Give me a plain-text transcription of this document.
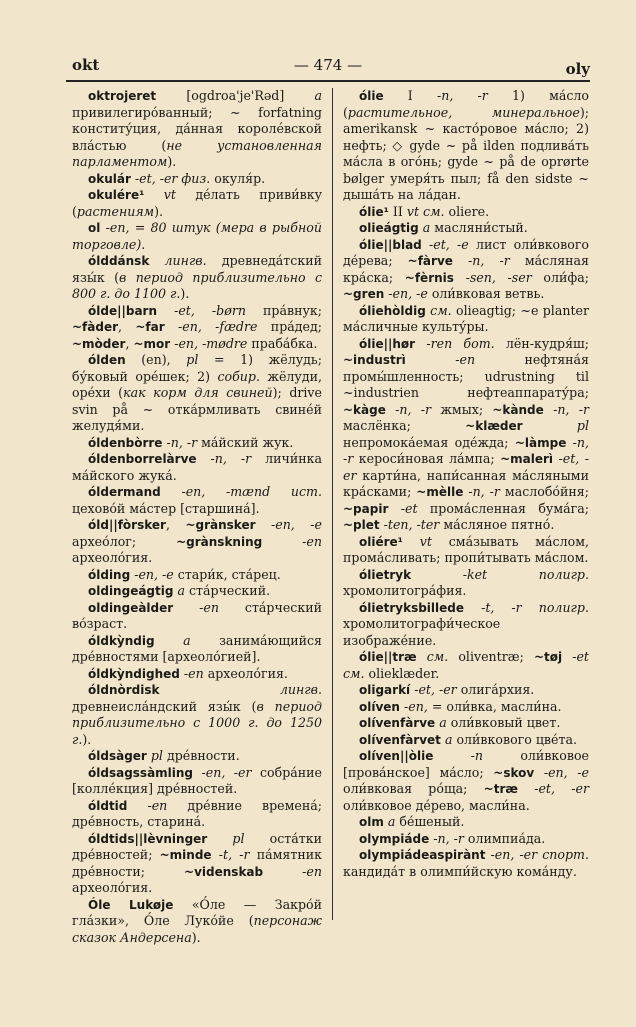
okt	— 474 —	oly

oktrojeret [ogdroa'je'Rəd] a привилегиро́ванный; ~ forfatning конститу́ция, да́нная королéвской вла́стью (не установленная парламентом).

okulár -et, -er физ. окуля́р.

okulére¹ vt де́лать приви́вку (растениям).

ol -en, = 80 штук (мера в рыбной торговле).

ólddánsk лингв. древнеда́тский язы́к (в период приблизительно с 800 г. до 1100 г.).

ólde||barn -et, -børn пра́внук; ~fàder, ~far -en, -fædre пра́дед; ~mòder, ~mor -en, -mødre праба́бка.

ólden (en), pl = 1) жёлудь; бу́ковый оре́шек; 2) собир. жёлуди, оре́хи (как корм для свиней); drive svin på ~ отка́рмливать свине́й желудя́ми.

óldenbòrre -n, -r ма́йский жук.

óldenborrelàrve -n, -r личи́нка ма́йского жука́.

óldermand -en, -mænd ист. цехово́й ма́стер [старшина́].

óld||fòrsker, ~grànsker -en, -e архео́лог; ~grànskning	-en археоло́гия.

ólding -en, -e стари́к, ста́рец.

oldingeágtig a ста́рческий.

oldingeàlder -en ста́рческий во́зраст.

óldkỳndig a занима́ющийся дре́вностями [археоло́гией].

óldkỳndighed -en археоло́гия.

óldnòrdisk	лингв. древнеисла́ндский язы́к (в период приблизительно с 1000 г. до 1250 г.).

óldsàger pl дре́вности.

óldsagssàmling -en, -er собра́ние [колле́кция] дре́вностей.

óldtid -en дре́вние времена́; дре́вность, старина́.

óldtids||lèvninger pl оста́тки дре́вностей; ~minde -t, -r па́мятник дре́вности; ~videnskab	-en археоло́гия.

Óle Lukøje «О́ле — Закро́й гла́зки», О́ле Луко́йе (персонаж сказок Андерсена).

ólie I -n, -r 1) ма́сло (растительное, минеральное); amerikansk ~ касто́ровое ма́сло; 2) нефть; ◇ gyde ~ på ilden подлива́ть ма́сла в ого́нь; gyde ~ på de oprørte bølger умеря́ть пыл; få den sidste ~ дыша́ть на ла́дан.

ólie¹ II vt см. oliere.

olieágtig a масляни́стый.

ólie||blad -et, -e лист оли́вкового де́рева; ~fàrve -n, -r ма́сляная кра́ска; ~fèrnis -sen, -ser оли́фа; ~gren -en, -e оли́вковая ветвь.

óliehòldig см. olieagtig; ~e planter ма́сличные культу́ры.

ólie||hør -ren бот. лён-кудря́ш; ~industrì	-en нефтяна́я промы́шленность; udrustning til ~industrien нефтеаппарату́ра; ~kàge -n, -r жмых; ~kànde -n, -r маслёнка; ~klæder	pl непромока́емая оде́жда; ~làmpe -n, -r кероси́новая ла́мпа; ~malerì -et, -er карти́на, напи́санная ма́сляными кра́сками; ~mèlle -n, -r маслобо́йня; ~papir -et прома́сленная бума́га; ~plet -ten, -ter ма́сляное пятно́.

oliére¹ vt сма́зывать ма́слом, прома́сливать; пропи́тывать ма́слом.

ólietryk	-ket полигр. хромолитогра́фия.

ólietryksbillede -t, -r полигр. хромолитографи́ческое изображе́ние.

ólie||træ см. oliventræ; ~tøj -et см. olieklæder.

oligarkí -et, -er олига́рхия.

olíven -en, = оли́вка, масли́на.

olívenfàrve a оли́вковый цвет.

olívenfàrvet a оли́вкового цве́та.

olíven||òlie	-n оли́вковое [прова́нское] ма́сло; ~skov -en, -e оли́вковая ро́ща; ~træ -et, -er оли́вковое де́рево, масли́на.

olm a бе́шеный.

olympiáde -n, -r олимпиа́да.

olympiádeaspirànt -en, -er спорт. кандида́т в олимпи́йскую кома́нду.
